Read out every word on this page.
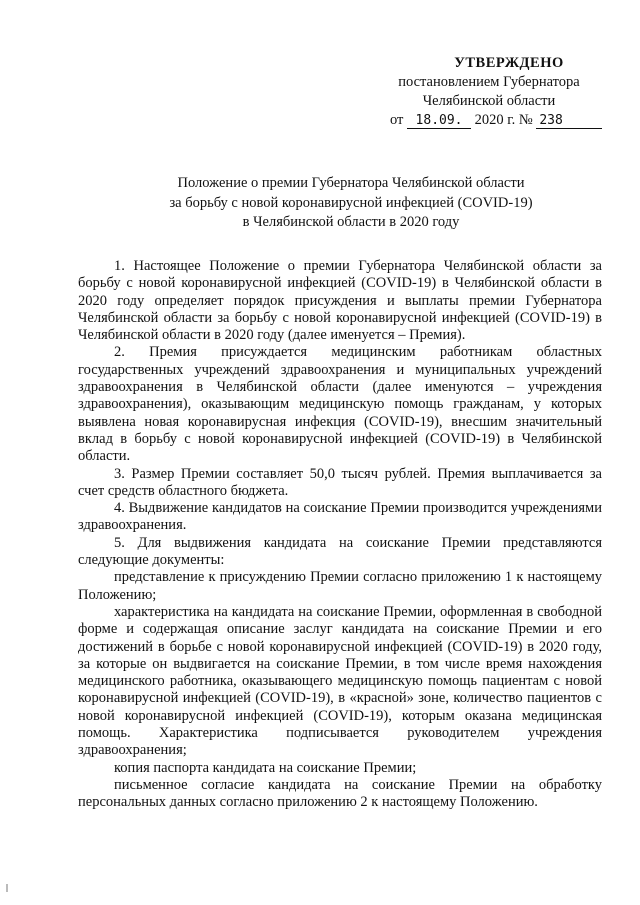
УТВЕРЖДЕНО
постановлением Губернатора
Челябинской области
от 18.09. 2020 г. № 238
Положение о премии Губернатора Челябинской области
за борьбу с новой коронавирусной инфекцией (COVID-19)
в Челябинской области в 2020 году

1. Настоящее Положение о премии Губернатора Челябинской области за борьбу с новой коронавирусной инфекцией (COVID-19) в Челябинской области в 2020 году определяет порядок присуждения и выплаты премии Губернатора Челябинской области за борьбу с новой коронавирусной инфекцией (COVID-19) в Челябинской области в 2020 году (далее именуется – Премия).

2. Премия присуждается медицинским работникам областных государственных учреждений здравоохранения и муниципальных учреждений здравоохранения в Челябинской области (далее именуются – учреждения здравоохранения), оказывающим медицинскую помощь гражданам, у которых выявлена новая коронавирусная инфекция (COVID-19), внесшим значительный вклад в борьбу с новой коронавирусной инфекцией (COVID-19) в Челябинской области.

3. Размер Премии составляет 50,0 тысяч рублей. Премия выплачивается за счет средств областного бюджета.

4. Выдвижение кандидатов на соискание Премии производится учреждениями здравоохранения.

5. Для выдвижения кандидата на соискание Премии представляются следующие документы:

представление к присуждению Премии согласно приложению 1 к настоящему Положению;

характеристика на кандидата на соискание Премии, оформленная в свободной форме и содержащая описание заслуг кандидата на соискание Премии и его достижений в борьбе с новой коронавирусной инфекцией (COVID-19) в 2020 году, за которые он выдвигается на соискание Премии, в том числе время нахождения медицинского работника, оказывающего медицинскую помощь пациентам с новой коронавирусной инфекцией (COVID-19), в «красной» зоне, количество пациентов с новой коронавирусной инфекцией (COVID-19), которым оказана медицинская помощь. Характеристика подписывается руководителем учреждения здравоохранения;

копия паспорта кандидата на соискание Премии;

письменное согласие кандидата на соискание Премии на обработку персональных данных согласно приложению 2 к настоящему Положению.
